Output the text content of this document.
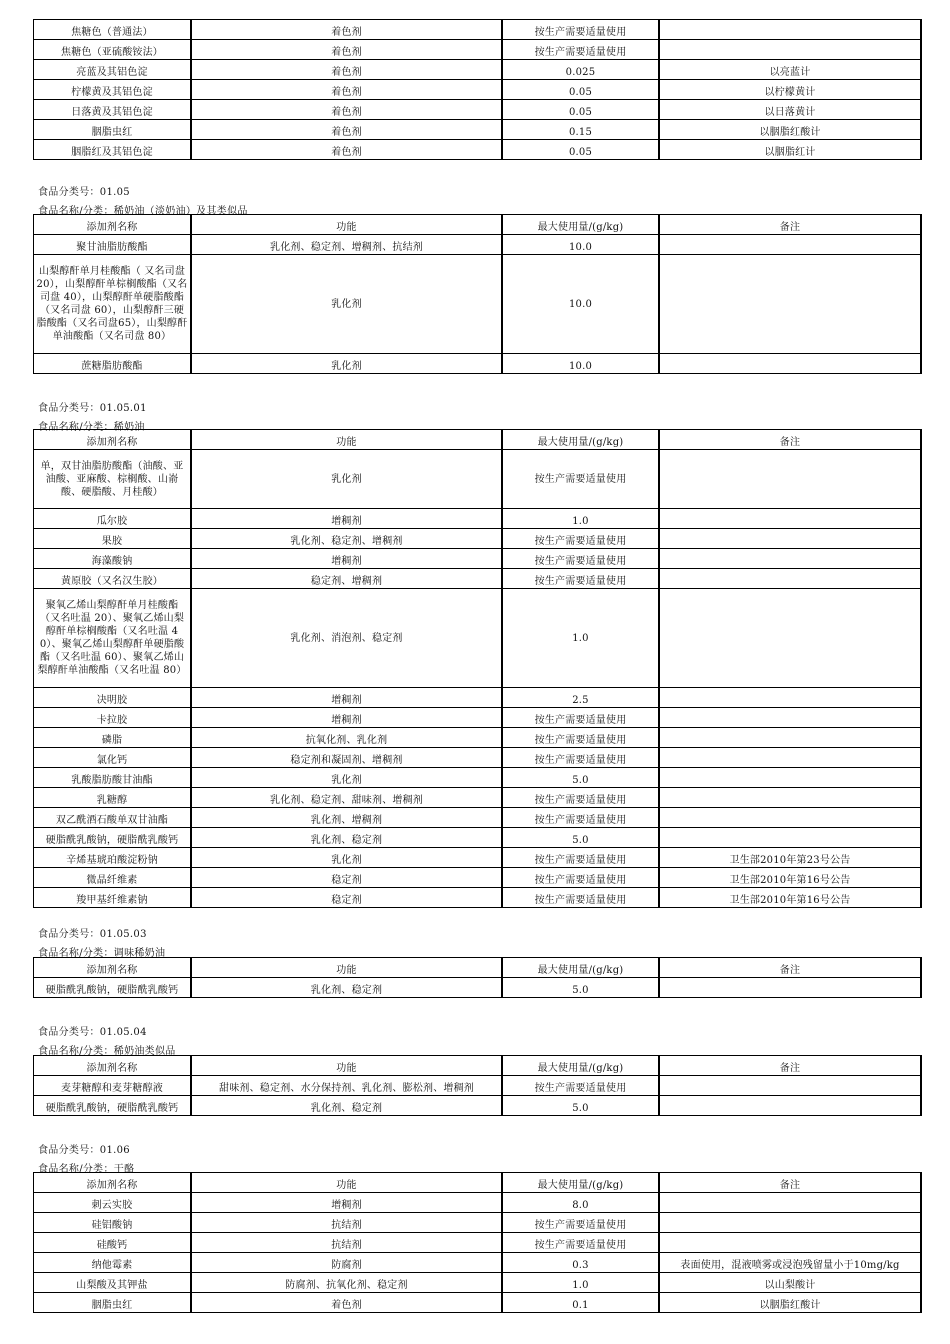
焦糖色（普通法）	着色剂	按生产需要适量使用	
焦糖色（亚硫酸铵法）	着色剂	按生产需要适量使用	
亮蓝及其铝色淀	着色剂	0.025	以亮蓝计
柠檬黄及其铝色淀	着色剂	0.05	以柠檬黄计
日落黄及其铝色淀	着色剂	0.05	以日落黄计
胭脂虫红	着色剂	0.15	以胭脂红酸计
胭脂红及其铝色淀	着色剂	0.05	以胭脂红计
食品分类号：01.05
食品名称/分类：稀奶油（淡奶油）及其类似品
添加剂名称	功能	最大使用量/(g/kg)	备注
聚甘油脂肪酸酯	乳化剂、稳定剂、增稠剂、抗结剂	10.0	
山梨醇酐单月桂酸酯（ 又名司盘 20），山梨醇酐单棕榈酸酯（又名司盘 40），山梨醇酐单硬脂酸酯（又名司盘 60），山梨醇酐三硬脂酸酯（又名司盘65），山梨醇酐单油酸酯（又名司盘 80）	乳化剂	10.0	
蔗糖脂肪酸酯	乳化剂	10.0	
食品分类号：01.05.01
食品名称/分类：稀奶油
添加剂名称	功能	最大使用量/(g/kg)	备注
单，双甘油脂肪酸酯（油酸、亚油酸、亚麻酸、棕榈酸、山嵛酸、硬脂酸、月桂酸）	乳化剂	按生产需要适量使用	
瓜尔胶	增稠剂	1.0	
果胶	乳化剂、稳定剂、增稠剂	按生产需要适量使用	
海藻酸钠	增稠剂	按生产需要适量使用	
黄原胶（又名汉生胶）	稳定剂、增稠剂	按生产需要适量使用	
聚氧乙烯山梨醇酐单月桂酸酯（又名吐温 20）、聚氧乙烯山梨醇酐单棕榈酸酯（又名吐温 40）、聚氧乙烯山梨醇酐单硬脂酸酯（又名吐温 60）、聚氧乙烯山梨醇酐单油酸酯（又名吐温 80）	乳化剂、消泡剂、稳定剂	1.0	
决明胶	增稠剂	2.5	
卡拉胶	增稠剂	按生产需要适量使用	
磷脂	抗氧化剂、乳化剂	按生产需要适量使用	
氯化钙	稳定剂和凝固剂、增稠剂	按生产需要适量使用	
乳酸脂肪酸甘油酯	乳化剂	5.0	
乳糖醇	乳化剂、稳定剂、甜味剂、增稠剂	按生产需要适量使用	
双乙酰酒石酸单双甘油酯	乳化剂、增稠剂	按生产需要适量使用	
硬脂酰乳酸钠，硬脂酰乳酸钙	乳化剂、稳定剂	5.0	
辛烯基琥珀酸淀粉钠	乳化剂	按生产需要适量使用	卫生部2010年第23号公告
微晶纤维素	稳定剂	按生产需要适量使用	卫生部2010年第16号公告
羧甲基纤维素钠	稳定剂	按生产需要适量使用	卫生部2010年第16号公告
食品分类号：01.05.03
食品名称/分类：调味稀奶油
添加剂名称	功能	最大使用量/(g/kg)	备注
硬脂酰乳酸钠，硬脂酰乳酸钙	乳化剂、稳定剂	5.0	
食品分类号：01.05.04
食品名称/分类：稀奶油类似品
添加剂名称	功能	最大使用量/(g/kg)	备注
麦芽糖醇和麦芽糖醇液	甜味剂、稳定剂、水分保持剂、乳化剂、膨松剂、增稠剂	按生产需要适量使用	
硬脂酰乳酸钠，硬脂酰乳酸钙	乳化剂、稳定剂	5.0	
食品分类号：01.06
食品名称/分类：干酪
添加剂名称	功能	最大使用量/(g/kg)	备注
刺云实胶	增稠剂	8.0	
硅铝酸钠	抗结剂	按生产需要适量使用	
硅酸钙	抗结剂	按生产需要适量使用	
纳他霉素	防腐剂	0.3	表面使用，混液喷雾或浸泡残留量小于10mg/kg
山梨酸及其钾盐	防腐剂、抗氧化剂、稳定剂	1.0	以山梨酸计
胭脂虫红	着色剂	0.1	以胭脂红酸计
